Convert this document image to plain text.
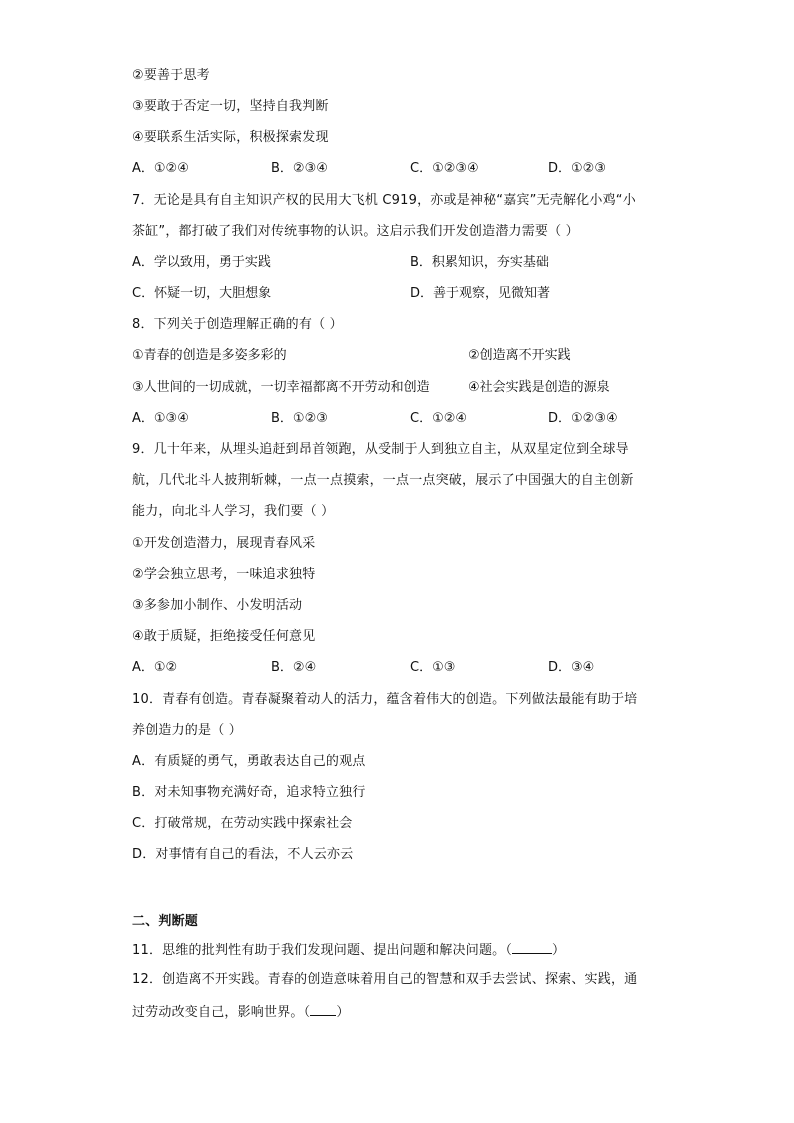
②要善于思考
③要敢于否定一切，坚持自我判断
④要联系生活实际，积极探索发现
A．①②④	B．②③④	C．①②③④	D．①②③
7．无论是具有自主知识产权的民用大飞机 C919，亦或是神秘“嘉宾”无壳解化小鸡“小
茶缸”，都打破了我们对传统事物的认识。这启示我们开发创造潜力需要（ ）
A．学以致用，勇于实践	B．积累知识，夯实基础
C．怀疑一切，大胆想象	D．善于观察，见微知著
8．下列关于创造理解正确的有（ ）
①青春的创造是多姿多彩的	②创造离不开实践
③人世间的一切成就，一切幸福都离不开劳动和创造	④社会实践是创造的源泉
A．①③④	B．①②③	C．①②④	D．①②③④
9．几十年来，从埋头追赶到昂首领跑，从受制于人到独立自主，从双星定位到全球导
航，几代北斗人披荆斩棘，一点一点摸索，一点一点突破，展示了中国强大的自主创新
能力，向北斗人学习，我们要（ ）
①开发创造潜力，展现青春风采
②学会独立思考，一味追求独特
③多参加小制作、小发明活动
④敢于质疑，拒绝接受任何意见
A．①②	B．②④	C．①③	D．③④
10．青春有创造。青春凝聚着动人的活力，蕴含着伟大的创造。下列做法最能有助于培
养创造力的是（ ）
A．有质疑的勇气，勇敢表达自己的观点
B．对未知事物充满好奇，追求特立独行
C．打破常规，在劳动实践中探索社会
D．对事情有自己的看法，不人云亦云
二、判断题
11．思维的批判性有助于我们发现问题、提出问题和解决问题。（	）
12．创造离不开实践。青春的创造意味着用自己的智慧和双手去尝试、探索、实践，通
过劳动改变自己，影响世界。（ ）
